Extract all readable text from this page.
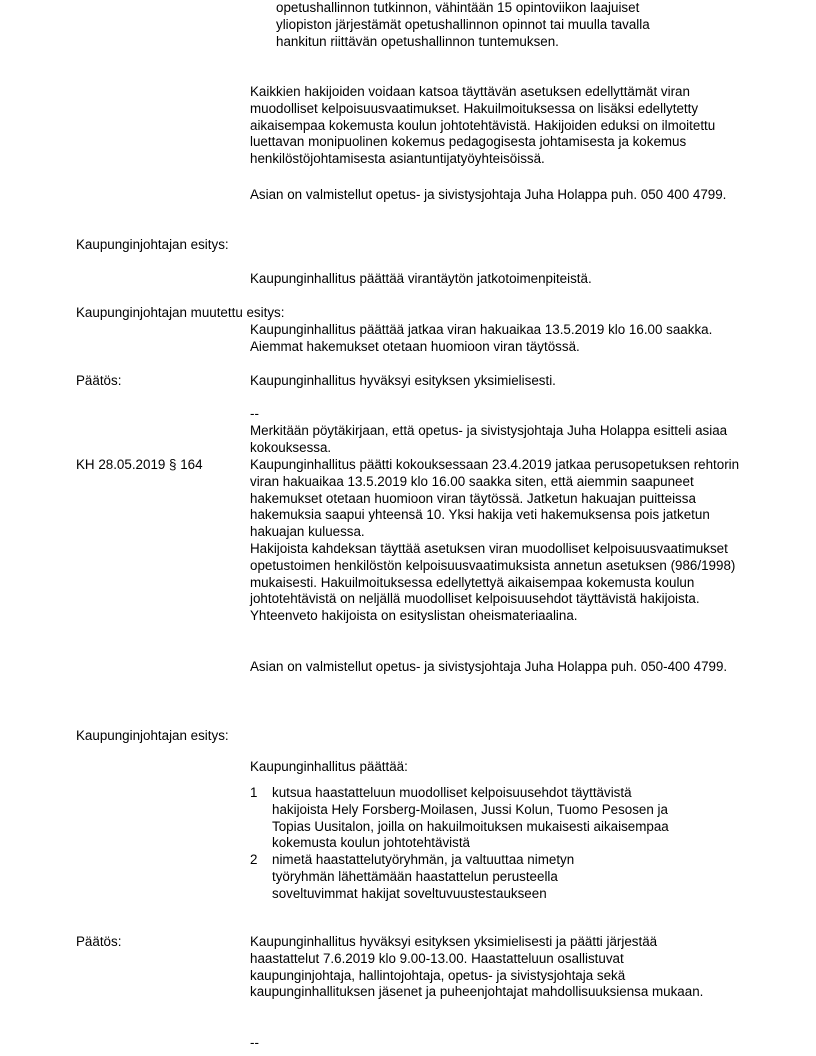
opetushallinnon tutkinnon, vähintään 15 opintoviikon laajuiset yliopiston järjestämät opetushallinnon opinnot tai muulla tavalla hankitun riittävän opetushallinnon tuntemuksen.

Kaikkien hakijoiden voidaan katsoa täyttävän asetuksen edellyttämät viran muodolliset kelpoisuusvaatimukset. Hakuilmoituksessa on lisäksi edellytetty aikaisempaa kokemusta koulun johtotehtävistä. Hakijoiden eduksi on ilmoitettu luettavan monipuolinen kokemus pedagogisesta johtamisesta ja kokemus henkilöstöjohtamisesta asiantuntijatyöyhteisöissä.

Asian on valmistellut opetus- ja sivistysjohtaja Juha Holappa puh. 050 400 4799.

Kaupunginjohtajan esitys:

Kaupunginhallitus päättää virantäytön jatkotoimenpiteistä.

Kaupunginjohtajan muutettu esitys:

Kaupunginhallitus päättää jatkaa viran hakuaikaa 13.5.2019 klo 16.00 saakka. Aiemmat hakemukset otetaan huomioon viran täytössä.

Päätös:	Kaupunginhallitus hyväksyi esityksen yksimielisesti.

--

Merkitään pöytäkirjaan, että opetus- ja sivistysjohtaja Juha Holappa esitteli asiaa kokouksessa.

KH 28.05.2019 § 164	Kaupunginhallitus päätti kokouksessaan 23.4.2019 jatkaa perusopetuksen rehtorin viran hakuaikaa 13.5.2019 klo 16.00 saakka siten, että aiemmin saapuneet hakemukset otetaan huomioon viran täytössä. Jatketun hakuajan puitteissa hakemuksia saapui yhteensä 10. Yksi hakija veti hakemuksensa pois jatketun hakuajan kuluessa.

Hakijoista kahdeksan täyttää asetuksen viran muodolliset kelpoisuusvaatimukset opetustoimen henkilöstön kelpoisuusvaatimuksista annetun asetuksen (986/1998) mukaisesti. Hakuilmoituksessa edellytettyä aikaisempaa kokemusta koulun johtotehtävistä on neljällä muodolliset kelpoisuusehdot täyttävistä hakijoista. Yhteenveto hakijoista on esityslistan oheismateriaalina.

Asian on valmistellut opetus- ja sivistysjohtaja Juha Holappa puh. 050-400 4799.

Kaupunginjohtajan esitys:

Kaupunginhallitus päättää:

1 kutsua haastatteluun muodolliset kelpoisuusehdot täyttävistä hakijoista Hely Forsberg-Moilasen, Jussi Kolun, Tuomo Pesosen ja Topias Uusitalon, joilla on hakuilmoituksen mukaisesti aikaisempaa kokemusta koulun johtotehtävistä
2 nimetä haastattelutyöryhmän, ja valtuuttaa nimetyn työryhmän lähettämään haastattelun perusteella soveltuvimmat hakijat soveltuvuustestaukseen

Päätös:	Kaupunginhallitus hyväksyi esityksen yksimielisesti ja päätti järjestää haastattelut 7.6.2019 klo 9.00-13.00. Haastatteluun osallistuvat kaupunginjohtaja, hallintojohtaja, opetus- ja sivistysjohtaja sekä kaupunginhallituksen jäsenet ja puheenjohtajat mahdollisuuksiensa mukaan.

--
